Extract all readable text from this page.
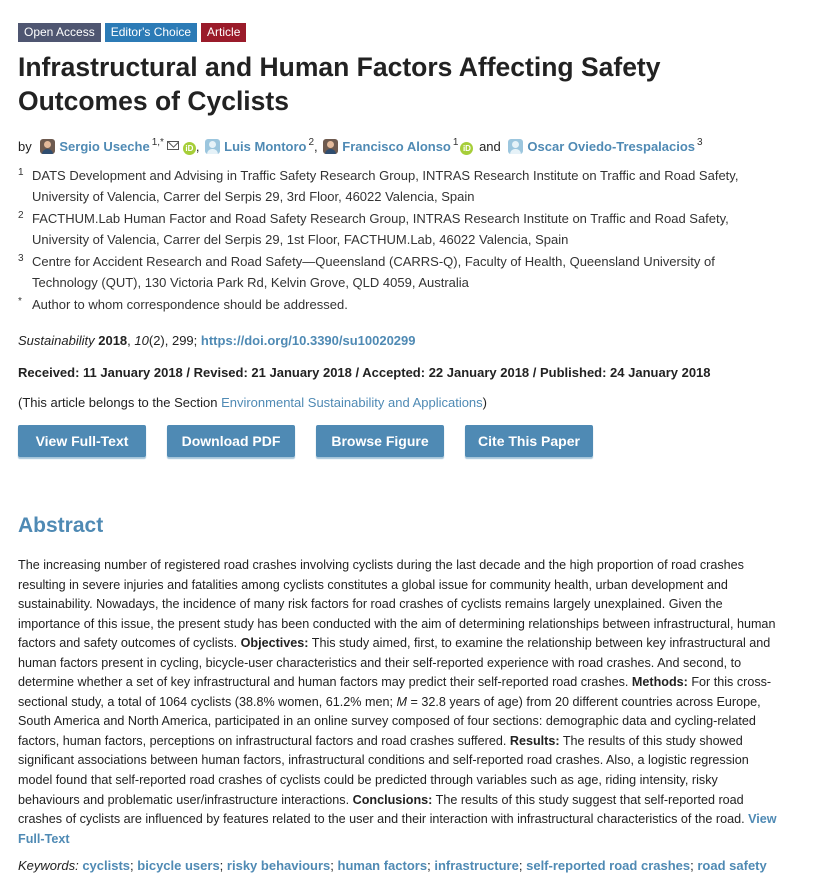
Open Access	Editor's Choice	Article
Infrastructural and Human Factors Affecting Safety Outcomes of Cyclists
by Sergio Useche $^{1,*}$iD ,
Luis Montoro $^2$,
Francisco Alonso $^1$iD and Oscar Oviedo-Trespalacios $^3$
1 DATS Development and Advising in Traffic Safety Research Group, INTRAS Research Institute on Traffic and Road Safety, University of Valencia, Carrer del Serpis 29, 3rd Floor, 46022 Valencia, Spain
2 FACTHUM.Lab Human Factor and Road Safety Research Group, INTRAS Research Institute on Traffic and Road Safety, University of Valencia, Carrer del Serpis 29, 1st Floor, FACTHUM.Lab, 46022 Valencia, Spain
3 Centre for Accident Research and Road Safety—Queensland (CARRS-Q), Faculty of Health, Queensland University of Technology (QUT), 130 Victoria Park Rd, Kelvin Grove, QLD 4059, Australia
* Author to whom correspondence should be addressed.
Sustainability 2018, 10(2), 299; https://doi.org/10.3390/su10020299
Received: 11 January 2018 / Revised: 21 January 2018 / Accepted: 22 January 2018 / Published: 24 January 2018
(This article belongs to the Section Environmental Sustainability and Applications)
View Full-Text	Download PDF	Browse Figure	Cite This Paper
Abstract

The increasing number of registered road crashes involving cyclists during the last decade and the high proportion of road crashes resulting in severe injuries and fatalities among cyclists constitutes a global issue for community health, urban development and sustainability. Nowadays, the incidence of many risk factors for road crashes of cyclists remains largely unexplained. Given the importance of this issue, the present study has been conducted with the aim of determining relationships between infrastructural, human factors and safety outcomes of cyclists. Objectives: This study aimed, first, to examine the relationship between key infrastructural and human factors present in cycling, bicycle-user characteristics and their self-reported experience with road crashes. And second, to determine whether a set of key infrastructural and human factors may predict their self-reported road crashes. Methods: For this cross-sectional study, a total of 1064 cyclists (38.8% women, 61.2% men; M = 32.8 years of age) from 20 different countries across Europe, South America and North America, participated in an online survey composed of four sections: demographic data and cycling-related factors, human factors, perceptions on infrastructural factors and road crashes suffered. Results: The results of this study showed significant associations between human factors, infrastructural conditions and self-reported road crashes. Also, a logistic regression model found that self-reported road crashes of cyclists could be predicted through variables such as age, riding intensity, risky behaviours and problematic user/infrastructure interactions. Conclusions: The results of this study suggest that self-reported road crashes of cyclists are influenced by features related to the user and their interaction with infrastructural characteristics of the road. View Full-Text

Keywords: cyclists; bicycle users; risky behaviours; human factors; infrastructure; self-reported road crashes; road safety
